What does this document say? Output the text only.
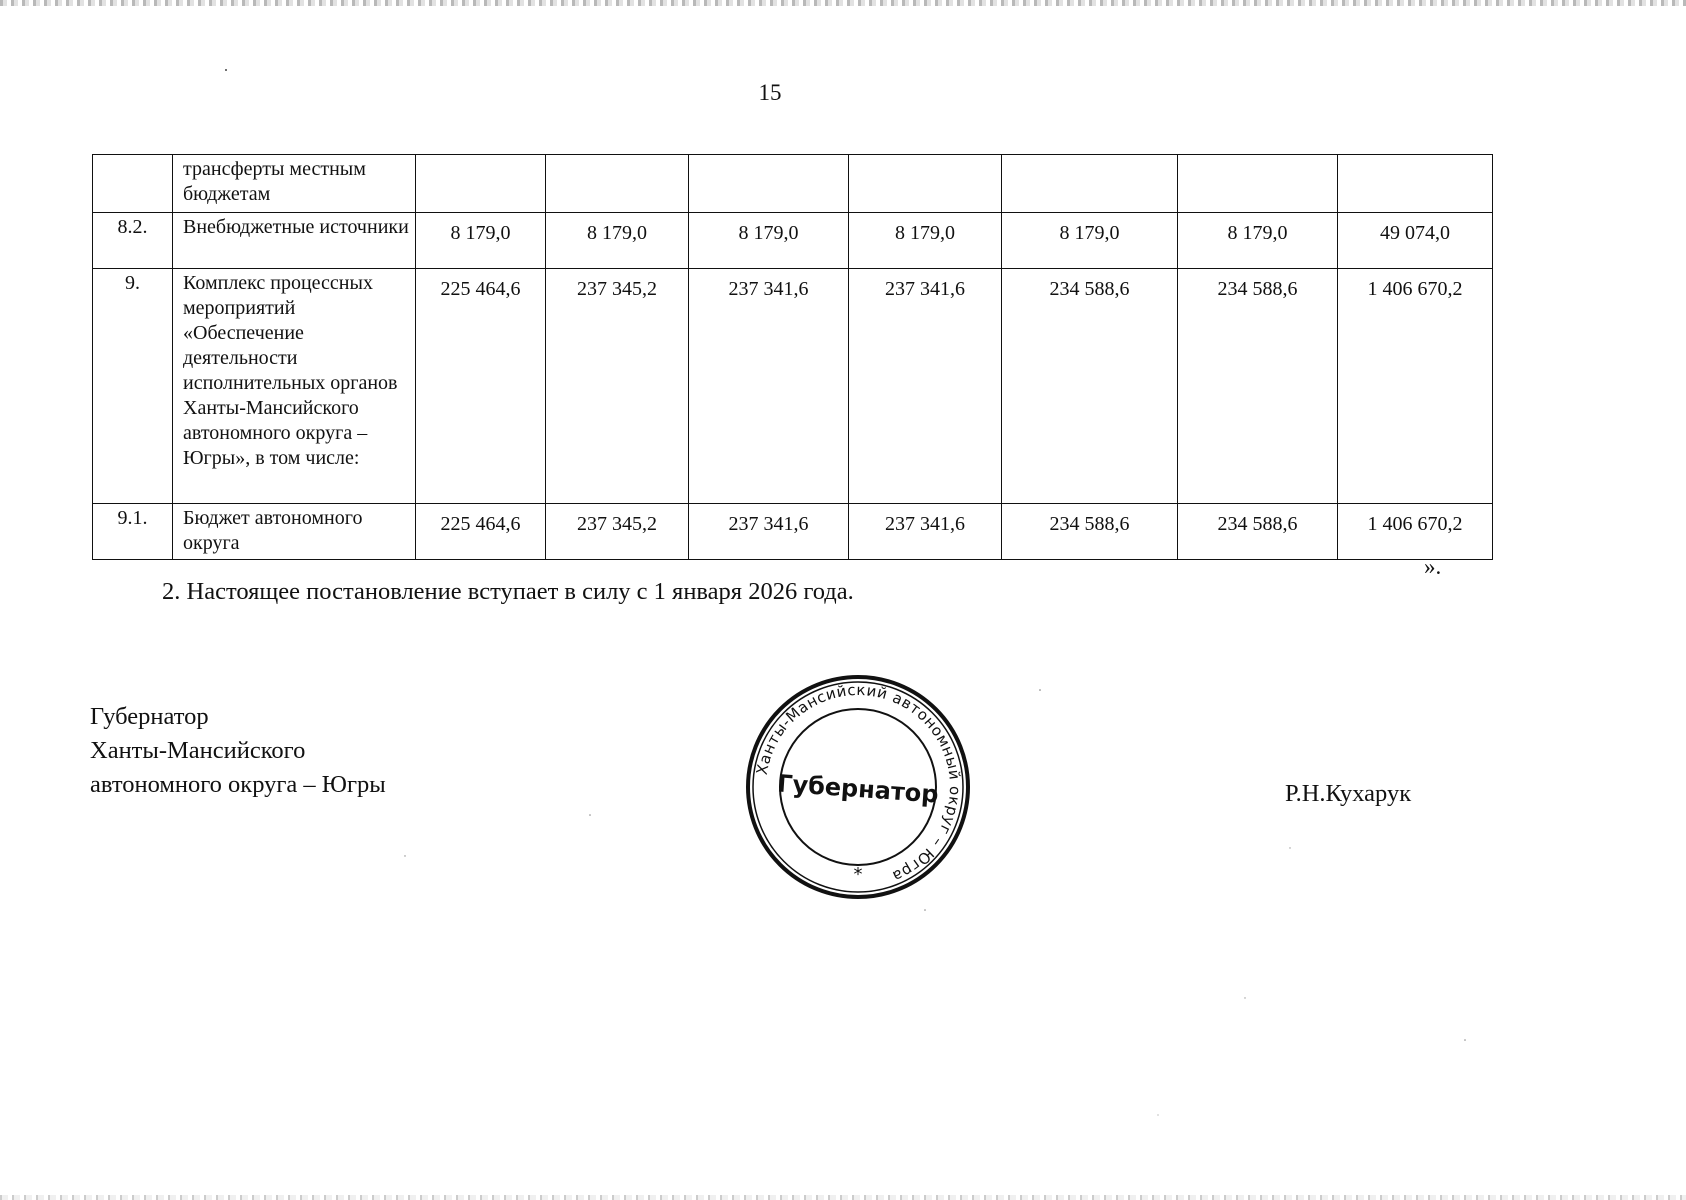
15
	трансферты местным бюджетам							
8.2.	Внебюджетные источники	8 179,0	8 179,0	8 179,0	8 179,0	8 179,0	8 179,0	49 074,0
9.	Комплекс процессных мероприятий «Обеспечение деятельности исполнительных органов Ханты-Мансийского автономного округа – Югры», в том числе:	225 464,6	237 345,2	237 341,6	237 341,6	234 588,6	234 588,6	1 406 670,2
9.1.	Бюджет автономного округа	225 464,6	237 345,2	237 341,6	237 341,6	234 588,6	234 588,6	1 406 670,2
».
2. Настоящее постановление вступает в силу с 1 января 2026 года.
Губернатор
Ханты-Мансийского
автономного округа – Югры
Ханты-Мансийский автономный округ – Югра
Губернатор
*
Р.Н.Кухарук
